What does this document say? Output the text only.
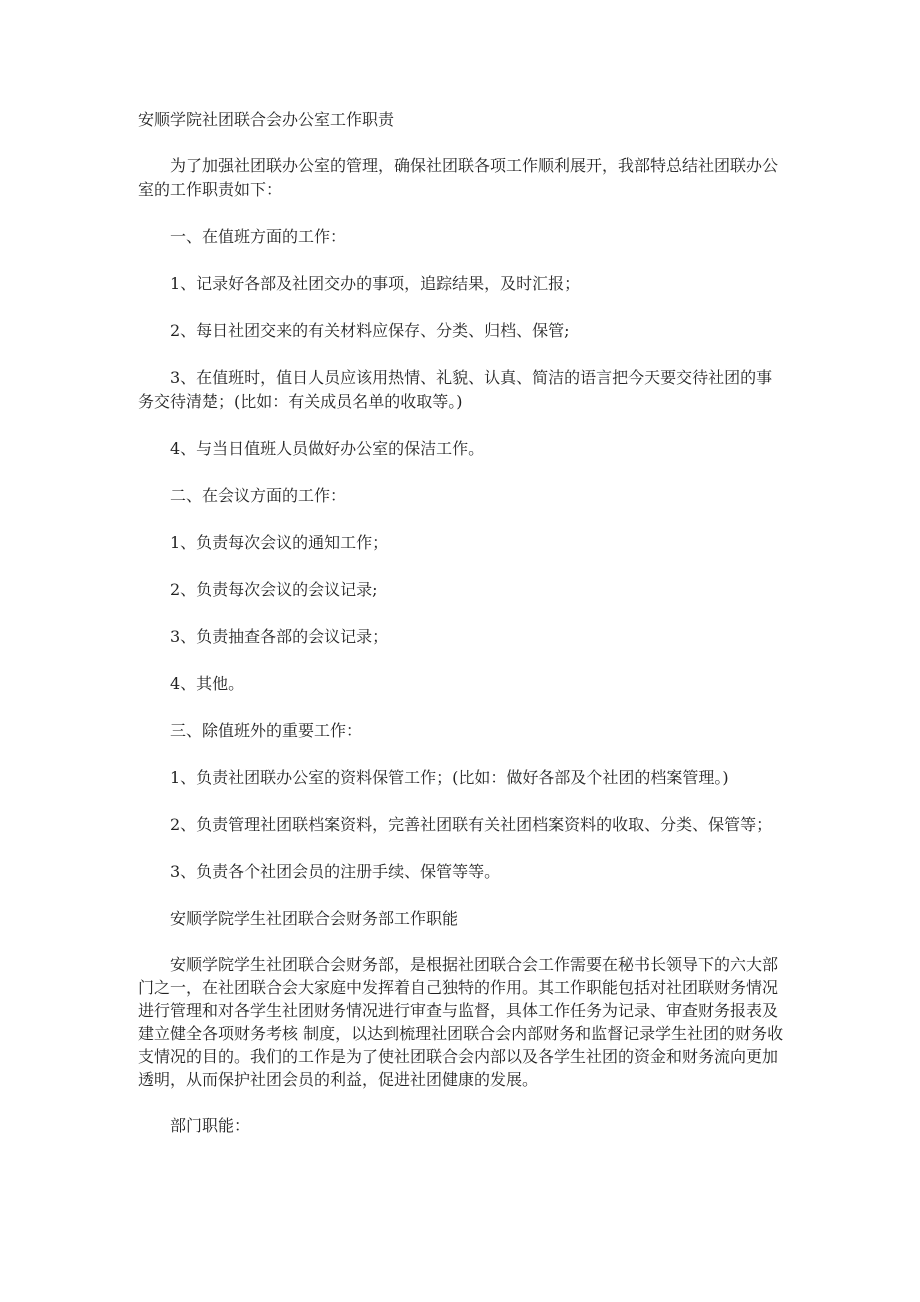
安顺学院社团联合会办公室工作职责

为了加强社团联办公室的管理，确保社团联各项工作顺利展开，我部特总结社团联办公室的工作职责如下：

一、在值班方面的工作：

1、记录好各部及社团交办的事项，追踪结果，及时汇报；

2、每日社团交来的有关材料应保存、分类、归档、保管;

3、在值班时，值日人员应该用热情、礼貌、认真、简洁的语言把今天要交待社团的事务交待清楚；(比如：有关成员名单的收取等。)

4、与当日值班人员做好办公室的保洁工作。

二、在会议方面的工作：

1、负责每次会议的通知工作；

2、负责每次会议的会议记录;

3、负责抽查各部的会议记录；

4、其他。

三、除值班外的重要工作：

1、负责社团联办公室的资料保管工作；(比如：做好各部及个社团的档案管理。)

2、负责管理社团联档案资料，完善社团联有关社团档案资料的收取、分类、保管等；

3、负责各个社团会员的注册手续、保管等等。

安顺学院学生社团联合会财务部工作职能

安顺学院学生社团联合会财务部，是根据社团联合会工作需要在秘书长领导下的六大部门之一，在社团联合会大家庭中发挥着自己独特的作用。其工作职能包括对社团联财务情况进行管理和对各学生社团财务情况进行审查与监督，具体工作任务为记录、审查财务报表及建立健全各项财务考核 制度，以达到梳理社团联合会内部财务和监督记录学生社团的财务收支情况的目的。我们的工作是为了使社团联合会内部以及各学生社团的资金和财务流向更加透明，从而保护社团会员的利益，促进社团健康的发展。

部门职能：
